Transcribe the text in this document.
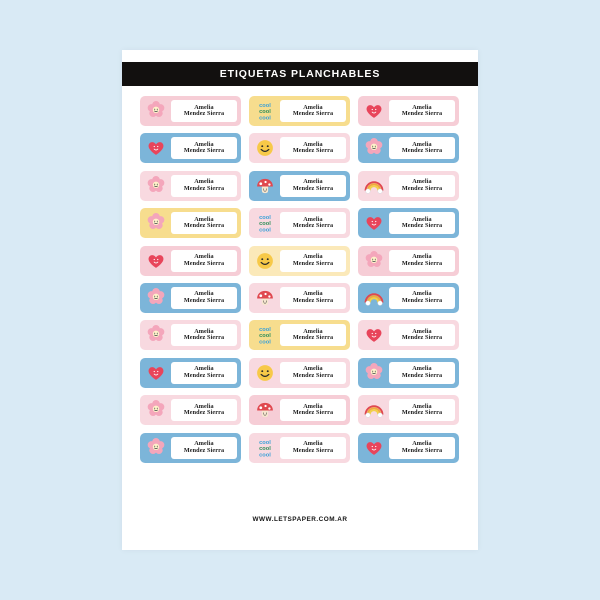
ETIQUETAS PLANCHABLES
Amelia
Mendez Sierra
cool
cool
cool
Amelia
Mendez Sierra
Amelia
Mendez Sierra
Amelia
Mendez Sierra
Amelia
Mendez Sierra
Amelia
Mendez Sierra
Amelia
Mendez Sierra
Amelia
Mendez Sierra
Amelia
Mendez Sierra
Amelia
Mendez Sierra
cool
cool
cool
Amelia
Mendez Sierra
Amelia
Mendez Sierra
Amelia
Mendez Sierra
Amelia
Mendez Sierra
Amelia
Mendez Sierra
Amelia
Mendez Sierra
Amelia
Mendez Sierra
Amelia
Mendez Sierra
Amelia
Mendez Sierra
cool
cool
cool
Amelia
Mendez Sierra
Amelia
Mendez Sierra
Amelia
Mendez Sierra
Amelia
Mendez Sierra
Amelia
Mendez Sierra
Amelia
Mendez Sierra
Amelia
Mendez Sierra
Amelia
Mendez Sierra
Amelia
Mendez Sierra
cool
cool
cool
Amelia
Mendez Sierra
Amelia
Mendez Sierra
WWW.LETSPAPER.COM.AR
